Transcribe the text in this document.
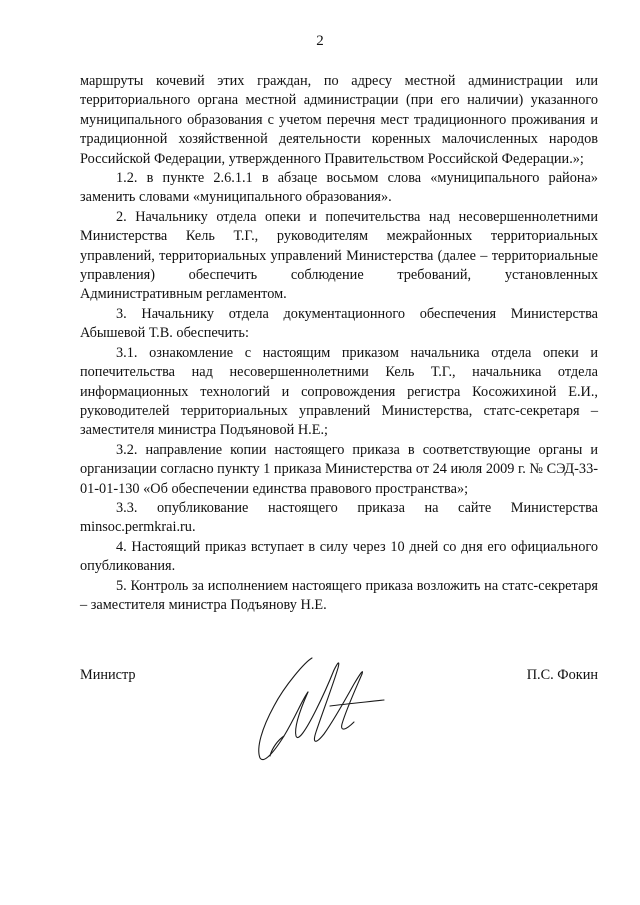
2

маршруты кочевий этих граждан, по адресу местной администрации или территориального органа местной администрации (при его наличии) указанного муниципального образования с учетом перечня мест традиционного проживания и традиционной хозяйственной деятельности коренных малочисленных народов Российской Федерации, утвержденного Правительством Российской Федерации.»;

1.2. в пункте 2.6.1.1 в абзаце восьмом слова «муниципального района» заменить словами «муниципального образования».

2. Начальнику отдела опеки и попечительства над несовершеннолетними Министерства Кель Т.Г., руководителям межрайонных территориальных управлений, территориальных управлений Министерства (далее – территориальные управления) обеспечить соблюдение требований, установленных Административным регламентом.

3. Начальнику отдела документационного обеспечения Министерства Абышевой Т.В. обеспечить:

3.1. ознакомление с настоящим приказом начальника отдела опеки и попечительства над несовершеннолетними Кель Т.Г., начальника отдела информационных технологий и сопровождения регистра Косожихиной Е.И., руководителей территориальных управлений Министерства, статс-секретаря – заместителя министра Подъяновой Н.Е.;

3.2. направление копии настоящего приказа в соответствующие органы и организации согласно пункту 1 приказа Министерства от 24 июля 2009 г. № СЭД-33-01-01-130 «Об обеспечении единства правового пространства»;

3.3. опубликование настоящего приказа на сайте Министерства minsoc.permkrai.ru.

4. Настоящий приказ вступает в силу через 10 дней со дня его официального опубликования.

5. Контроль за исполнением настоящего приказа возложить на статс-секретаря – заместителя министра Подъянову Н.Е.

Министр	П.С. Фокин
